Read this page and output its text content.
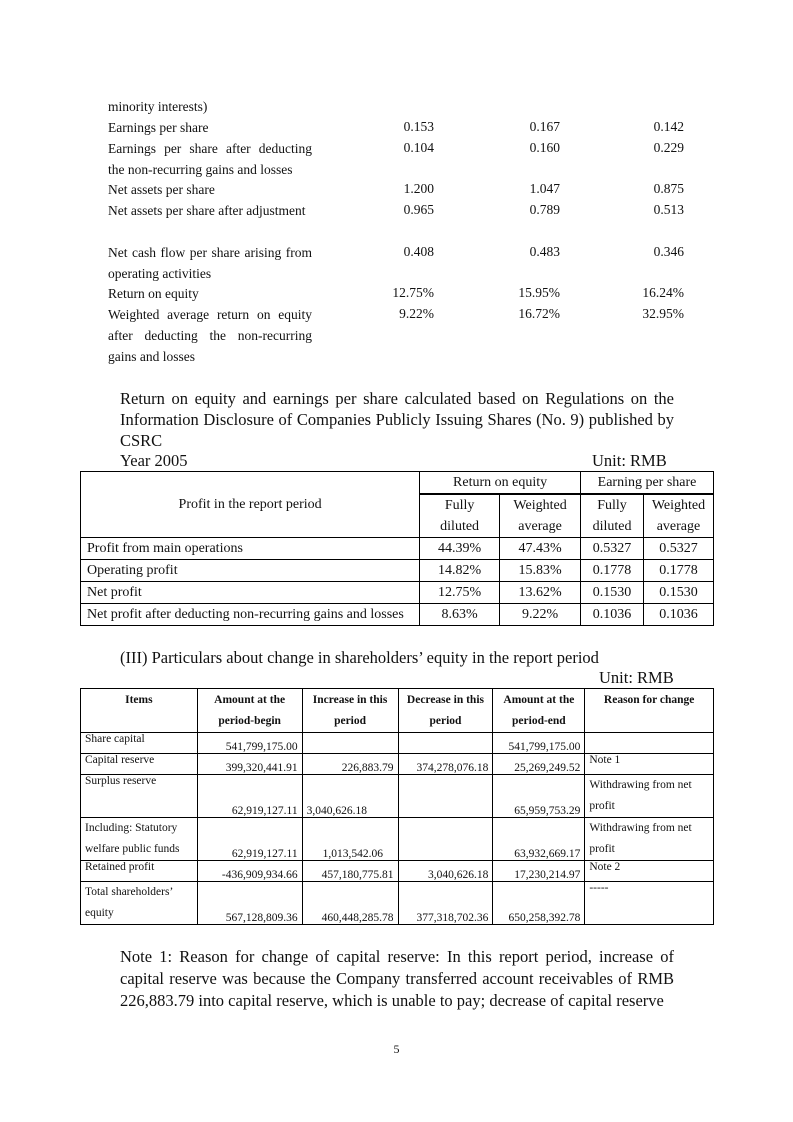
minority interests)
Earnings per share	0.153	0.167	0.142
Earnings per share after deducting the non-recurring gains and losses
0.104	0.160	0.229
Net assets per share	1.200	1.047	0.875
Net assets per share after adjustment	0.965	0.789	0.513
Net cash flow per share arising from operating activities
0.408	0.483	0.346
Return on equity	12.75%	15.95%	16.24%
Weighted average return on equity after deducting the non-recurring gains and losses
9.22%	16.72%	32.95%
Return on equity and earnings per share calculated based on Regulations on the Information Disclosure of Companies Publicly Issuing Shares (No. 9) published by CSRC
Year 2005	Unit: RMB
Profit in the report period	Return on equity		Earning per share	

	Fully diluted	Weighted average	Fully diluted	Weighted average
Profit from main operations	44.39%	47.43%	0.5327	0.5327
Operating profit	14.82%	15.83%	0.1778	0.1778
Net profit	12.75%	13.62%	0.1530	0.1530
Net profit after deducting non-recurring gains and losses	8.63%	9.22%	0.1036	0.1036
(III) Particulars about change in shareholders’ equity in the report period
Unit: RMB
Items	Amount at the period-begin	Increase in this period	Decrease in this period	Amount at the period-end	Reason for change
Share capital	541,799,175.00			541,799,175.00	
Capital reserve	399,320,441.91	226,883.79	374,278,076.18	25,269,249.52	Note 1
Surplus reserve	62,919,127.11	3,040,626.18		65,959,753.29	Withdrawing from net profit
Including: Statutory welfare public funds	62,919,127.11	1,013,542.06		63,932,669.17	Withdrawing from net profit
Retained profit	-436,909,934.66	457,180,775.81	3,040,626.18	17,230,214.97	Note 2
Total shareholders’ equity	567,128,809.36	460,448,285.78	377,318,702.36	650,258,392.78	-----
Note 1: Reason for change of capital reserve: In this report period, increase of capital reserve was because the Company transferred account receivables of RMB 226,883.79 into capital reserve, which is unable to pay; decrease of capital reserve
5
